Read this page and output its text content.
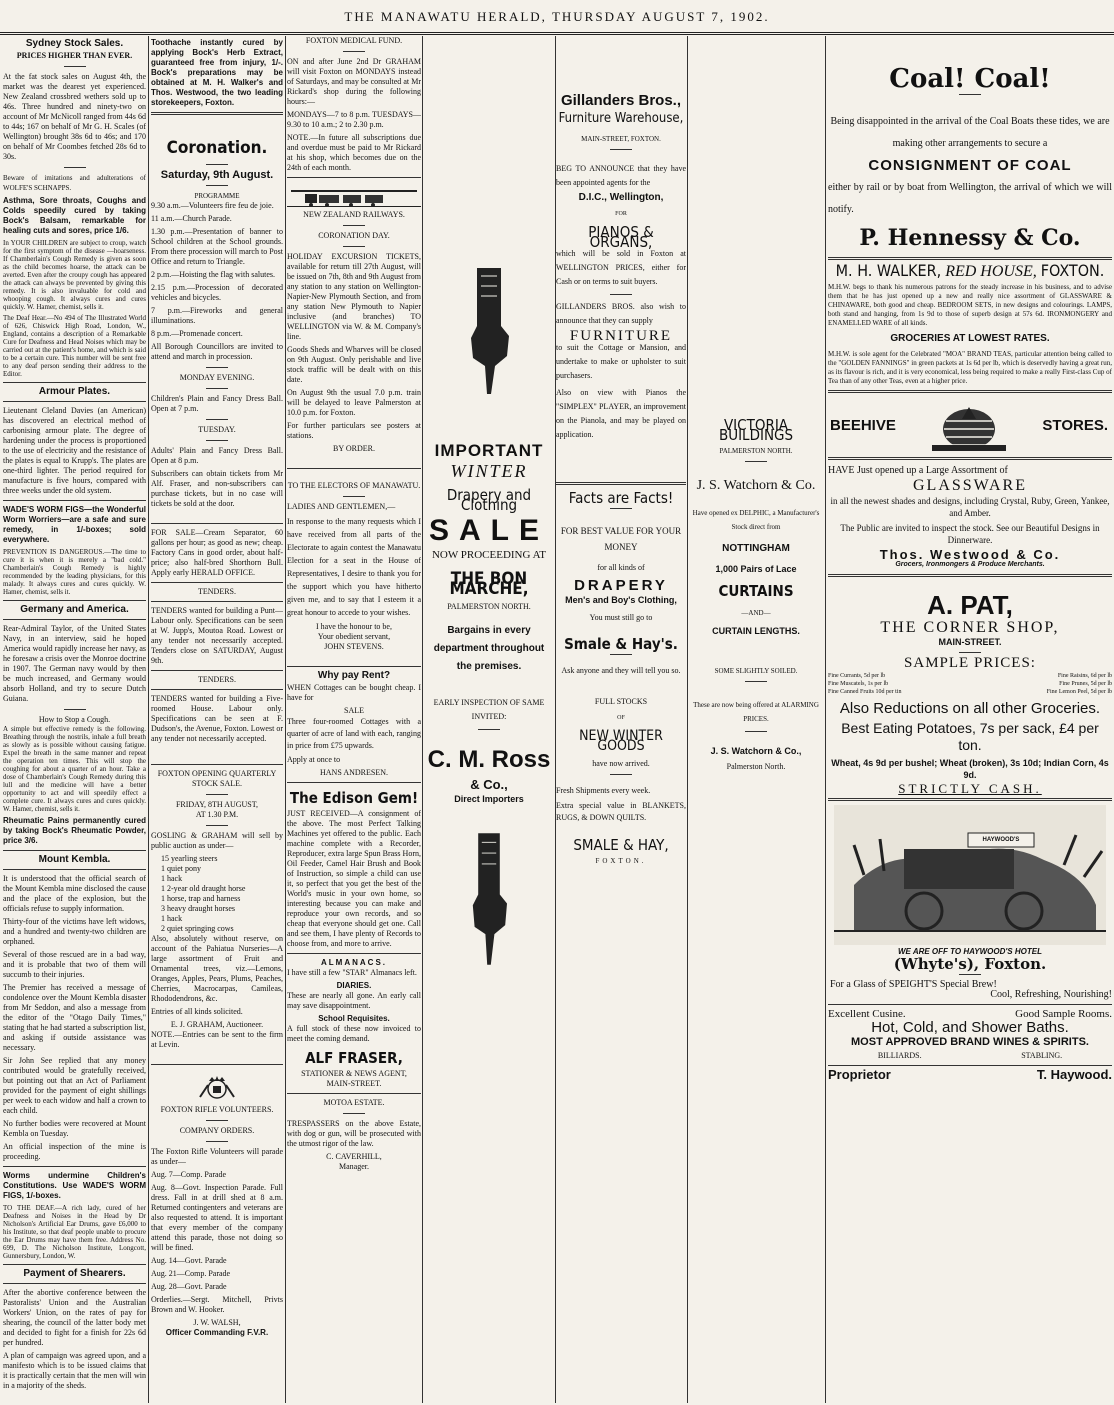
THE MANAWATU HERALD, THURSDAY AUGUST 7, 1902.
Sydney Stock Sales.
PRICES HIGHER THAN EVER.

At the fat stock sales on August 4th, the market was the dearest yet experienced. New Zealand crossbred wethers sold up to 46s. Three hundred and ninety-two on account of Mr McNicoll ranged from 44s 6d to 44s; 167 on behalf of Mr G. H. Scales (of Wellington) brought 38s 6d to 46s; and 170 on behalf of Mr Coombes fetched 28s 6d to 30s.

Beware of imitations and adulterations of WOLFE'S SCHNAPPS.

Asthma, Sore throats, Coughs and Colds speedily cured by taking Bock's Balsam, remarkable for healing cuts and sores, price 1/6.

In YOUR CHILDREN are subject to croup, watch for the first symptom of the disease —hoarseness. If Chamberlain's Cough Remedy is given as soon as the child becomes hoarse, the attack can be averted. Even after the croupy cough has appeared the attack can always be prevented by giving this remedy. It is also invaluable for cold and whooping cough. It always cures and cures quickly. W. Hamer, chemist, sells it.

The Deaf Hear.—No 494 of The Illustrated World of 626, Chiswick High Road, London, W., England, contains a description of a Remarkable Cure for Deafness and Head Noises which may be carried out at the patient's home, and which is said to be a certain cure. This number will be sent free to any deaf person sending their address to the Editor.

Armour Plates.

Lieutenant Cleland Davies (an American) has discovered an electrical method of carbonising armour plate. The degree of hardening under the process is proportioned to the use of electricity and the resistance of the plates is equal to Krupp's. The plates are one-third lighter. The period required for manufacture is five hours, compared with three weeks under the old system.

WADE'S WORM FIGS—the Wonderful Worm Worriers—are a safe and sure remedy, in 1/-boxes; sold everywhere.

PREVENTION IS DANGEROUS.—The time to cure it is when it is merely a "bad cold." Chamberlain's Cough Remedy is highly recommended by the leading physicians, for this malady. It always cures and cures quickly. W. Hamer, chemist, sells it.

Germany and America.

Rear-Admiral Taylor, of the United States Navy, in an interview, said he hoped America would rapidly increase her navy, as he foresaw a crisis over the Monroe doctrine in 1907. The German navy would by then be much increased, and Germany would absorb Holland, and try to secure Dutch Guiana.

How to Stop a Cough.

A simple but effective remedy is the following. Breathing through the nostrils, inhale a full breath as slowly as is possible without causing fatigue. Expel the breath in the same manner and repeat the operation ten times. This will stop the coughing for about a quarter of an hour. Take a dose of Chamberlain's Cough Remedy during this lull and the medicine will have a better opportunity to act and will speedily effect a complete cure. It always cures and cures quickly. W. Hamer, chemist, sells it.

Rheumatic Pains permanently cured by taking Bock's Rheumatic Powder, price 3/6.

Mount Kembla.

It is understood that the official search of the Mount Kembla mine disclosed the cause and the place of the explosion, but the officials refuse to supply information.

Thirty-four of the victims have left widows, and a hundred and twenty-two children are orphaned.

Several of those rescued are in a bad way, and it is probable that two of them will succumb to their injuries.

The Premier has received a message of condolence over the Mount Kembla disaster from Mr Seddon, and also a message from the editor of the "Otago Daily Times," stating that he had started a subscription list, and asking if outside assistance was necessary.

Sir John See replied that any money contributed would be gratefully received, but pointing out that an Act of Parliament provided for the payment of eight shillings per week to each widow and half a crown to each child.

No further bodies were recovered at Mount Kembla on Tuesday.

An official inspection of the mine is proceeding.

Worms undermine Children's Constitutions. Use WADE'S WORM FIGS, 1/-boxes.

TO THE DEAF.—A rich lady, cured of her Deafness and Noises in the Head by Dr Nicholson's Artificial Ear Drums, gave £6,000 to his Institute, so that deaf people unable to procure the Ear Drums may have them free. Address No. 699, D. The Nicholson Institute, Longcott, Gunnersbury, London, W.

Payment of Shearers.

After the abortive conference between the Pastoralists' Union and the Australian Workers' Union, on the rates of pay for shearing, the council of the latter body met and decided to fight for a finish for 22s 6d per hundred.

A plan of campaign was agreed upon, and a manifesto which is to be issued claims that it is practically certain that the men will win in a majority of the sheds.

Toothache instantly cured by applying Bock's Herb Extract, guaranteed free from injury, 1/-. Bock's preparations may be obtained at M. H. Walker's and Thos. Westwood, the two leading storekeepers, Foxton.

Coronation.
Saturday, 9th August.
PROGRAMME

9.30 a.m.—Volunteers fire feu de joie.

11 a.m.—Church Parade.

1.30 p.m.—Presentation of banner to School children at the School grounds. From there procession will march to Post Office and return to Triangle.

2 p.m.—Hoisting the flag with salutes.

2.15 p.m.—Procession of decorated vehicles and bicycles.

7 p.m.—Fireworks and general illuminations.

8 p.m.—Promenade concert.

All Borough Councillors are invited to attend and march in procession.

MONDAY EVENING.

Children's Plain and Fancy Dress Ball. Open at 7 p.m.

TUESDAY.

Adults' Plain and Fancy Dress Ball. Open at 8 p.m.

Subscribers can obtain tickets from Mr Alf. Fraser, and non-subscribers can purchase tickets, but in no case will tickets be sold at the door.

FOR SALE—Cream Separator, 60 gallons per hour; as good as new; cheap. Factory Cans in good order, about half-price; also half-bred Shorthorn Bull. Apply early HERALD OFFICE.

TENDERS.

TENDERS wanted for building a Punt—Labour only. Specifications can be seen at W. Jupp's, Moutoa Road. Lowest or any tender not necessarily accepted. Tenders close on SATURDAY, August 9th.

TENDERS.

TENDERS wanted for building a Five-roomed House. Labour only. Specifications can be seen at F. Dudson's, the Avenue, Foxton. Lowest or any tender not necessarily accepted.

FOXTON OPENING QUARTERLY STOCK SALE.
FRIDAY, 8TH AUGUST,
AT 1.30 P.M.

GOSLING & GRAHAM will sell by public auction as under—

15 yearling steers
1 quiet pony
1 hack
1 2-year old draught horse
1 horse, trap and harness
3 heavy draught horses
1 hack
2 quiet springing cows

Also, absolutely without reserve, on account of the Pahiatua Nurseries—A large assortment of Fruit and Ornamental trees, viz.—Lemons, Oranges, Apples, Pears, Plums, Peaches, Cherries, Macrocarpas, Camileas, Rhododendrons, &c.

Entries of all kinds solicited.

E. J. GRAHAM, Auctioneer.

NOTE.—Entries can be sent to the firm at Levin.

FOXTON RIFLE VOLUNTEERS.
COMPANY ORDERS.

The Foxton Rifle Volunteers will parade as under—

Aug. 7—Comp. Parade

Aug. 8—Govt. Inspection Parade. Full dress. Fall in at drill shed at 8 a.m. Returned contingenters and veterans are also requested to attend. It is important that every member of the company attend this parade, those not doing so will be fined.

Aug. 14—Govt. Parade

Aug. 21—Comp. Parade

Aug. 28—Govt. Parade

Orderlies.—Sergt. Mitchell, Privts Brown and W. Hooker.

J. W. WALSH,
Officer Commanding F.V.R.
FOXTON MEDICAL FUND.

ON and after June 2nd Dr GRAHAM will visit Foxton on MONDAYS instead of Saturdays, and may be consulted at Mr Rickard's shop during the following hours:—

MONDAYS—7 to 8 p.m. TUESDAYS—9.30 to 10 a.m.; 2 to 2.30 p.m.

NOTE.—In future all subscriptions due and overdue must be paid to Mr Rickard at his shop, which becomes due on the 24th of each month.

NEW ZEALAND RAILWAYS.
CORONATION DAY.

HOLIDAY EXCURSION TICKETS, available for return till 27th August, will be issued on 7th, 8th and 9th August from any station to any station on Wellington-Napier-New Plymouth Section, and from any station New Plymouth to Napier inclusive (and branches) TO WELLINGTON via W. & M. Company's line.

Goods Sheds and Wharves will be closed on 9th August. Only perishable and live stock traffic will be dealt with on this date.

On August 9th the usual 7.0 p.m. train will be delayed to leave Palmerston at 10.0 p.m. for Foxton.

For further particulars see posters at stations.

BY ORDER.
TO THE ELECTORS OF MANAWATU.

LADIES AND GENTLEMEN,—

In response to the many requests which I have received from all parts of the Electorate to again contest the Manawatu Election for a seat in the House of Representatives, I desire to thank you for the support which you have hitherto given me, and to say that I esteem it a great honour to accede to your wishes.

I have the honour to be,
Your obedient servant,
JOHN STEVENS.
Why pay Rent?

WHEN Cottages can be bought cheap. I have for

SALE

Three four-roomed Cottages with a quarter of acre of land with each, ranging in price from £75 upwards.

Apply at once to

HANS ANDRESEN.
The Edison Gem!

JUST RECEIVED—A consignment of the above. The most Perfect Talking Machines yet offered to the public. Each machine complete with a Recorder, Reproducer, extra large Spun Brass Horn, Oil Feeder, Camel Hair Brush and Book of Instruction, so simple a child can use it, so perfect that you get the best of the World's music in your own home, so interesting because you can make and reproduce your own records, and so cheap that everyone should get one. Call and see them, I have plenty of Records to choose from, and more to arrive.

ALMANACS.

I have still a few "STAR" Almanacs left.

DIARIES.

These are nearly all gone. An early call may save disappointment.

School Requisites.

A full stock of these now invoiced to meet the coming demand.

ALF FRASER,
STATIONER & NEWS AGENT,
MAIN-STREET.
MOTOA ESTATE.

TRESPASSERS on the above Estate, with dog or gun, will be prosecuted with the utmost rigor of the law.

C. CAVERHILL,
Manager.
IMPORTANT
WINTER
Drapery and Clothing
SALE
NOW PROCEEDING AT
THE BON MARCHE,
PALMERSTON NORTH.
Bargains in every department throughout the premises.
EARLY INSPECTION OF SAME INVITED:
C. M. Ross
& Co.,
Direct Importers
Gillanders Bros.,
Furniture Warehouse,
MAIN-STREET, FOXTON.

BEG TO ANNOUNCE that they have been appointed agents for the

D.I.C., Wellington,
FOR
PIANOS & ORGANS,

which will be sold in Foxton at WELLINGTON PRICES, either for Cash or on terms to suit buyers.

GILLANDERS BROS. also wish to announce that they can supply

FURNITURE

to suit the Cottage or Mansion, and undertake to make or upholster to suit purchasers.

Also on view with Pianos the "SIMPLEX" PLAYER, an improvement on the Pianola, and may be played on application.

Facts are Facts!
FOR BEST VALUE FOR YOUR MONEY
for all kinds of
DRAPERY
Men's and Boy's Clothing,
You must still go to
Smale & Hay's.
Ask anyone and they will tell you so.
FULL STOCKS
OF
NEW WINTER GOODS
have now arrived.

Fresh Shipments every week.

Extra special value in BLANKETS, RUGS, & DOWN QUILTS.

SMALE & HAY,
FOXTON.
VICTORIA BUILDINGS
PALMERSTON NORTH.
J. S. Watchorn & Co.
Have opened ex DELPHIC, a Manufacturer's Stock direct from
NOTTINGHAM
1,000 Pairs of Lace
CURTAINS
—AND—
CURTAIN LENGTHS.
SOME SLIGHTLY SOILED.
These are now being offered at ALARMING PRICES.
J. S. Watchorn & Co.,
Palmerston North.
Coal! Coal!

Being disappointed in the arrival of the Coal Boats these tides, we are making other arrangements to secure a

CONSIGNMENT OF COAL

either by rail or by boat from Wellington, the arrival of which we will notify.

P. Hennessy & Co.
M. H. WALKER, RED HOUSE, FOXTON.

M.H.W. begs to thank his numerous patrons for the steady increase in his business, and to advise them that he has just opened up a new and really nice assortment of GLASSWARE & CHINAWARE, both good and cheap. BEDROOM SETS, in new designs and colourings. LAMPS, both stand and hanging, from 1s 9d to those of superb design at 57s 6d. IRONMONGERY and ENAMELLED WARE of all kinds.

GROCERIES AT LOWEST RATES.

M.H.W. is sole agent for the Celebrated "MOA" BRAND TEAS, particular attention being called to the "GOLDEN FANNINGS" in green packets at 1s 6d per lb, which is deservedly having a great run, as its flavour is rich, and it is very economical, less being required to make a really First-class Cup of Tea than of any other Teas, even at a higher price.

BEEHIVE	STORES.

HAVE Just opened up a Large Assortment of

GLASSWARE

in all the newest shades and designs, including Crystal, Ruby, Green, Yankee, and Amber.

The Public are invited to inspect the stock. See our Beautiful Designs in Dinnerware.

Thos. Westwood & Co.
Grocers, Ironmongers & Produce Merchants.
A. PAT,
THE CORNER SHOP,
MAIN-STREET.
SAMPLE PRICES:
Fine Currants, 5d per lb	Fine Raisins, 6d per lb
Fine Muscatels, 1s per lb	Fine Prunes, 5d per lb
Fine Canned Fruits 10d per tin	Fine Lemon Peel, 5d per lb

Also Reductions on all other Groceries.

Best Eating Potatoes, 7s per sack, £4 per ton.

Wheat, 4s 9d per bushel; Wheat (broken), 3s 10d; Indian Corn, 4s 9d.

STRICTLY CASH.
HAYWOOD'S
WE ARE OFF TO HAYWOOD'S HOTEL
(Whyte's), Foxton.
For a Glass of SPEIGHT'S Special Brew!
Cool, Refreshing, Nourishing!
Excellent Cusine.	Good Sample Rooms.
Hot, Cold, and Shower Baths.
MOST APPROVED BRAND WINES & SPIRITS.
BILLIARDS.	STABLING.
Proprietor	T. Haywood.
